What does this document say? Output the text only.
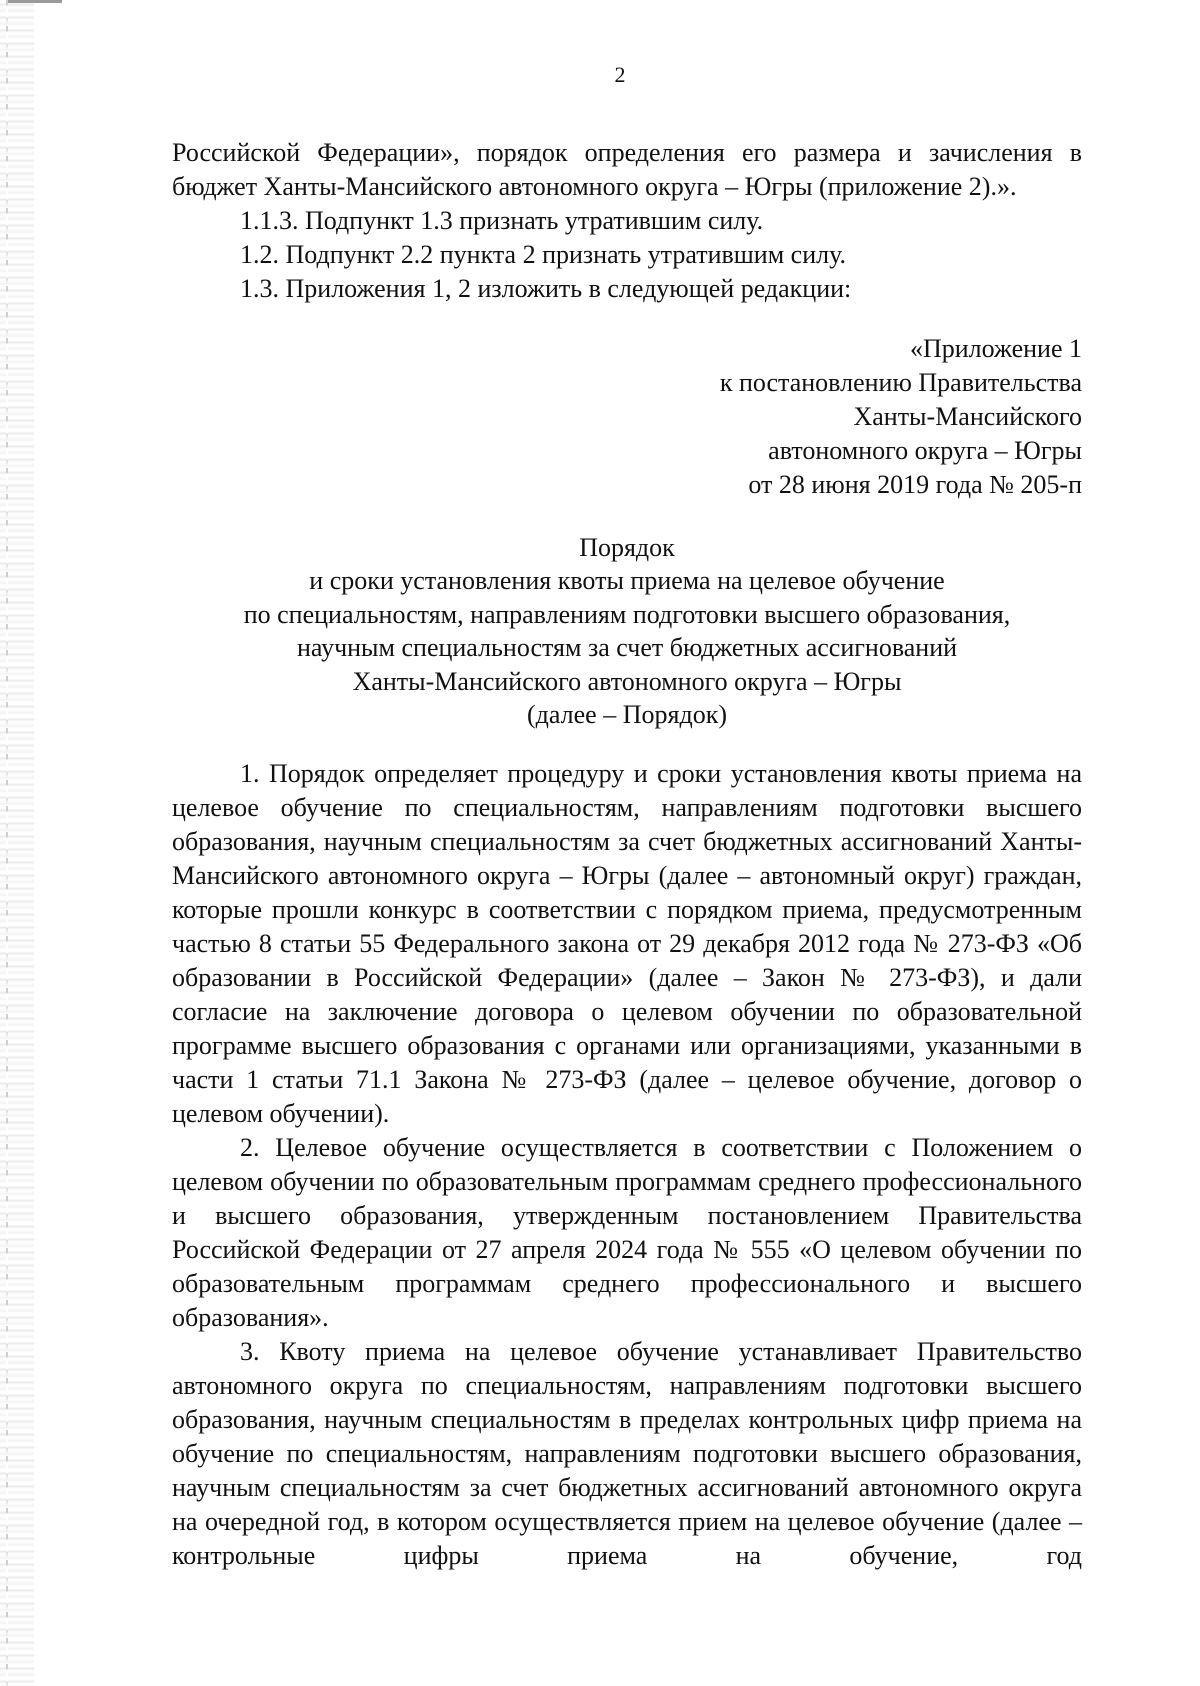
2

Российской Федерации», порядок определения его размера и зачисления в бюджет Ханты-Мансийского автономного округа – Югры (приложение 2).».

1.1.3. Подпункт 1.3 признать утратившим силу.

1.2. Подпункт 2.2 пункта 2 признать утратившим силу.

1.3. Приложения 1, 2 изложить в следующей редакции:

«Приложение 1

к постановлению Правительства

Ханты-Мансийского

автономного округа – Югры

от 28 июня 2019 года № 205-п

Порядок

и сроки установления квоты приема на целевое обучение

по специальностям, направлениям подготовки высшего образования,

научным специальностям за счет бюджетных ассигнований

Ханты-Мансийского автономного округа – Югры

(далее – Порядок)

1. Порядок определяет процедуру и сроки установления квоты приема на целевое обучение по специальностям, направлениям подготовки высшего образования, научным специальностям за счет бюджетных ассигнований Ханты-Мансийского автономного округа – Югры (далее – автономный округ) граждан, которые прошли конкурс в соответствии с порядком приема, предусмотренным частью 8 статьи 55 Федерального закона от 29 декабря 2012 года № 273-ФЗ «Об образовании в Российской Федерации» (далее – Закон № 273-ФЗ), и дали согласие на заключение договора о целевом обучении по образовательной программе высшего образования с органами или организациями, указанными в части 1 статьи 71.1 Закона № 273-ФЗ (далее – целевое обучение, договор о целевом обучении).

2. Целевое обучение осуществляется в соответствии с Положением о целевом обучении по образовательным программам среднего профессионального и высшего образования, утвержденным постановлением Правительства Российской Федерации от 27 апреля 2024 года № 555 «О целевом обучении по образовательным программам среднего профессионального и высшего образования».

3. Квоту приема на целевое обучение устанавливает Правительство автономного округа по специальностям, направлениям подготовки высшего образования, научным специальностям в пределах контрольных цифр приема на обучение по специальностям, направлениям подготовки высшего образования, научным специальностям за счет бюджетных ассигнований автономного округа на очередной год, в котором осуществляется прием на целевое обучение (далее – контрольные цифры приема на обучение, год
